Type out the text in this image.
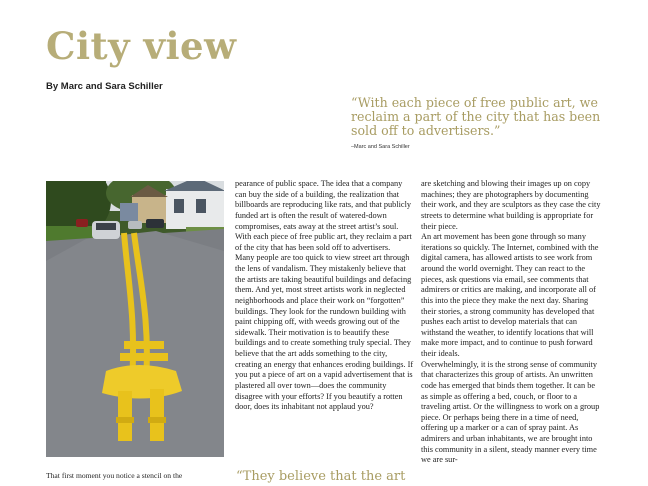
City view

By Marc and Sara Schiller

“With each piece of free public art, we reclaim a part of the city that has been sold off to advertisers.”

–Marc and Sara Schiller

pearance of public space. The idea that a company can buy the side of a building, the realization that billboards are reproducing like rats, and that publicly funded art is often the result of watered-down compromises, eats away at the street artist’s soul. With each piece of free public art, they reclaim a part of the city that has been sold off to advertisers.

Many people are too quick to view street art through the lens of vandalism. They mistakenly believe that the artists are taking beautiful buildings and defacing them. And yet, most street artists work in neglected neighborhoods and place their work on “forgotten” buildings. They look for the rundown building with paint chipping off, with weeds growing out of the sidewalk. Their motivation is to beautify these buildings and to create something truly special. They believe that the art adds something to the city, creating an energy that enhances eroding buildings. If you put a piece of art on a vapid advertisement that is plastered all over town—does the community disagree with your efforts? If you beautify a rotten door, does its inhabitant not applaud you?

are sketching and blowing their images up on copy machines; they are photographers by documenting their work, and they are sculptors as they case the city streets to determine what building is appropriate for their piece.

An art movement has been gone through so many iterations so quickly. The Internet, combined with the digital camera, has allowed artists to see work from around the world overnight. They can react to the pieces, ask questions via email, see comments that admirers or critics are making, and incorporate all of this into the piece they make the next day. Sharing their stories, a strong community has developed that pushes each artist to develop materials that can withstand the weather, to identify locations that will make more impact, and to continue to push forward their ideals.

Overwhelmingly, it is the strong sense of community that characterizes this group of artists. An unwritten code has emerged that binds them together. It can be as simple as offering a bed, couch, or floor to a traveling artist. Or the willingness to work on a group piece. Or perhaps being there in a time of need, offering up a marker or a can of spray paint. As admirers and urban inhabitants, we are brought into this community in a silent, steady manner every time we are sur-

That first moment you notice a stencil on the	“They believe that the art
